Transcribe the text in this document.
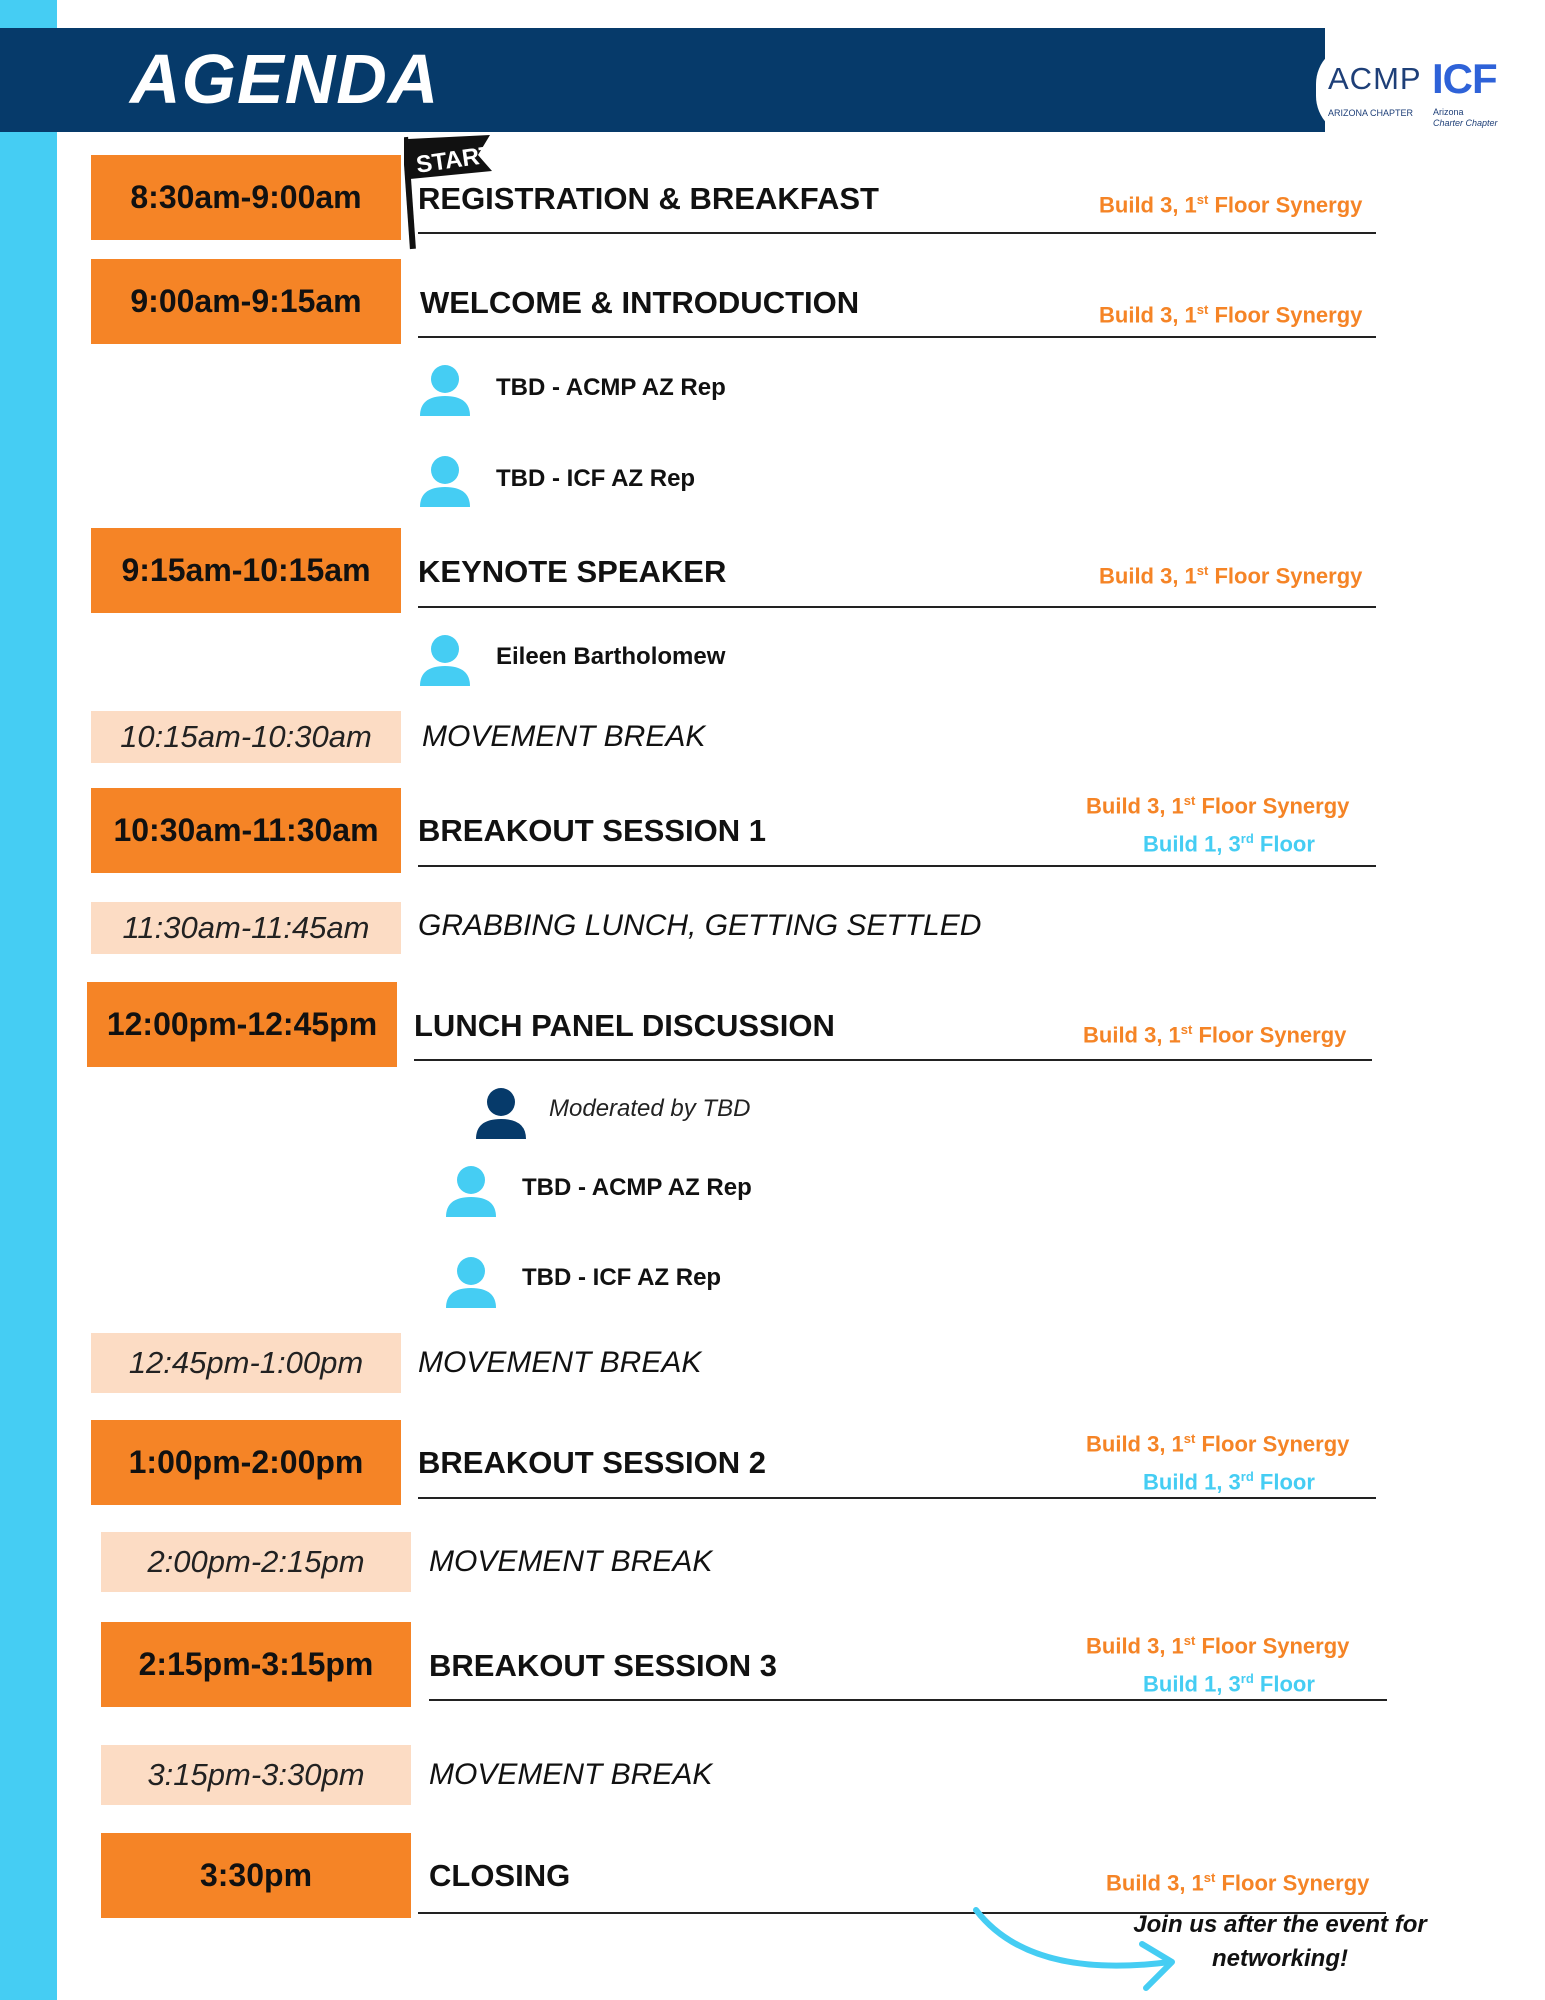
AGENDA	ACMP
ARIZONA CHAPTER
ICF
Arizona
Charter Chapter
START
8:30am-9:00am	REGISTRATION & BREAKFAST	Build 3, 1st Floor Synergy
9:00am-9:15am	WELCOME & INTRODUCTION	Build 3, 1st Floor Synergy
TBD - ACMP AZ Rep
TBD - ICF AZ Rep
9:15am-10:15am	KEYNOTE SPEAKER	Build 3, 1st Floor Synergy
Eileen Bartholomew
10:15am-10:30am	MOVEMENT BREAK
10:30am-11:30am	BREAKOUT SESSION 1
Build 3, 1st Floor Synergy
Build 1, 3rd Floor
11:30am-11:45am	GRABBING LUNCH, GETTING SETTLED
12:00pm-12:45pm	LUNCH PANEL DISCUSSION	Build 3, 1st Floor Synergy
Moderated by TBD
TBD - ACMP AZ Rep
TBD - ICF AZ Rep
12:45pm-1:00pm	MOVEMENT BREAK
1:00pm-2:00pm	BREAKOUT SESSION 2
Build 3, 1st Floor Synergy
Build 1, 3rd Floor
2:00pm-2:15pm	MOVEMENT BREAK
2:15pm-3:15pm	BREAKOUT SESSION 3
Build 3, 1st Floor Synergy
Build 1, 3rd Floor
3:15pm-3:30pm	MOVEMENT BREAK
3:30pm	CLOSING	Build 3, 1st Floor Synergy
Join us after the event for networking!
